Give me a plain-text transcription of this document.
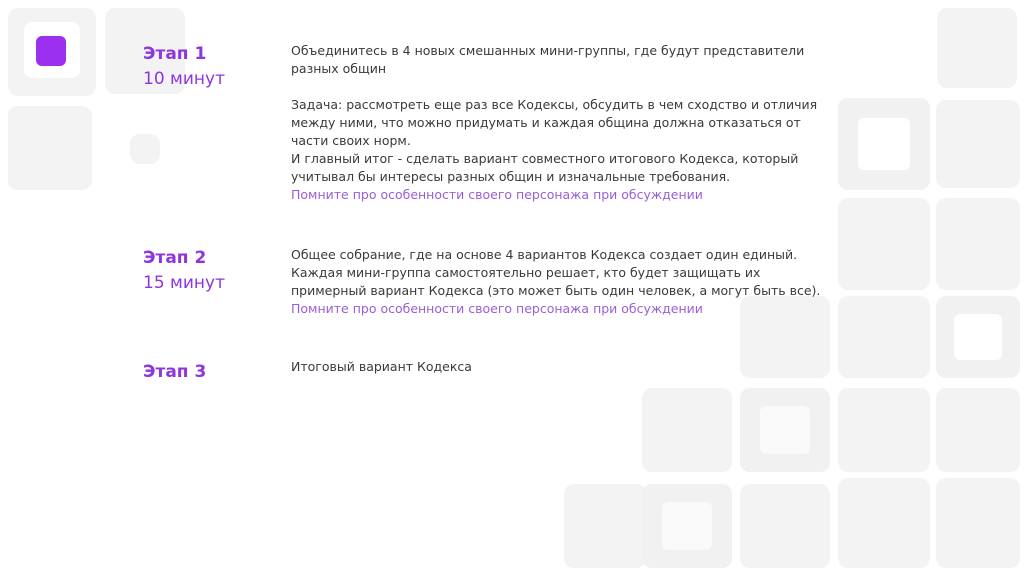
Этап 1
10 минут

Объединитесь в 4 новых смешанных мини-группы, где будут представители разных общин

Задача: рассмотреть еще раз все Кодексы, обсудить в чем сходство и отличия между ними, что можно придумать и каждая община должна отказаться от части своих норм.

И главный итог - сделать вариант совместного итогового Кодекса, который учитывал бы интересы разных общин и изначальные требования.

Помните про особенности своего персонажа при обсуждении

Этап 2
15 минут

Общее собрание, где на основе 4 вариантов Кодекса создает один единый.

Каждая мини-группа самостоятельно решает, кто будет защищать их примерный вариант Кодекса (это может быть один человек, а могут быть все).

Помните про особенности своего персонажа при обсуждении

Этап 3	Итоговый вариант Кодекса
